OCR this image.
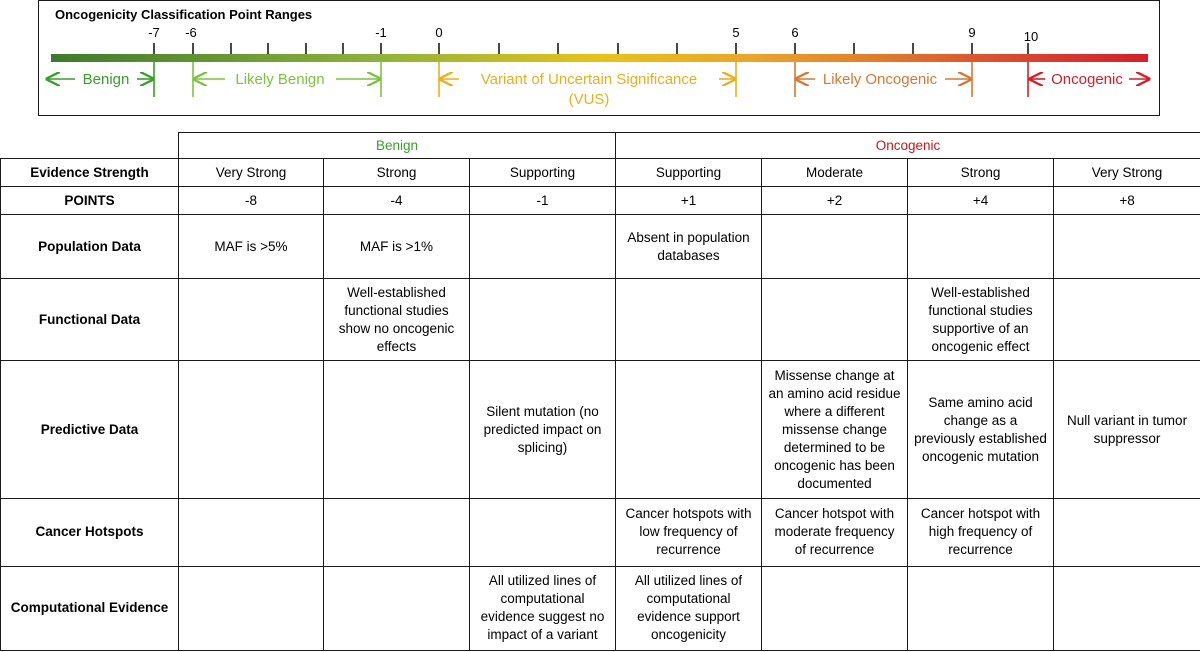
Oncogenicity Classification Point Ranges
-7 -6	-1	0	5	6	9	10
Benign	Likely Benign	Variant of Uncertain Significance
(VUS)
Likely Oncogenic	Oncogenic
	Benign			Oncogenic			
Evidence Strength	Very Strong	Strong	Supporting	Supporting	Moderate	Strong	Very Strong
POINTS	-8	-4	-1	+1	+2	+4	+8
Population Data	MAF is >5%	MAF is >1%		Absent in population databases			
Functional Data		Well-established functional studies show no oncogenic effects				Well-established functional studies supportive of an oncogenic effect	
Predictive Data			Silent mutation (no predicted impact on splicing)		Missense change at an amino acid residue where a different missense change determined to be oncogenic has been documented	Same amino acid change as a previously established oncogenic mutation	Null variant in tumor suppressor
Cancer Hotspots				Cancer hotspots with low frequency of recurrence	Cancer hotspot with moderate frequency of recurrence	Cancer hotspot with high frequency of recurrence	
Computational Evidence			All utilized lines of computational evidence suggest no impact of a variant	All utilized lines of computational evidence support oncogenicity			
